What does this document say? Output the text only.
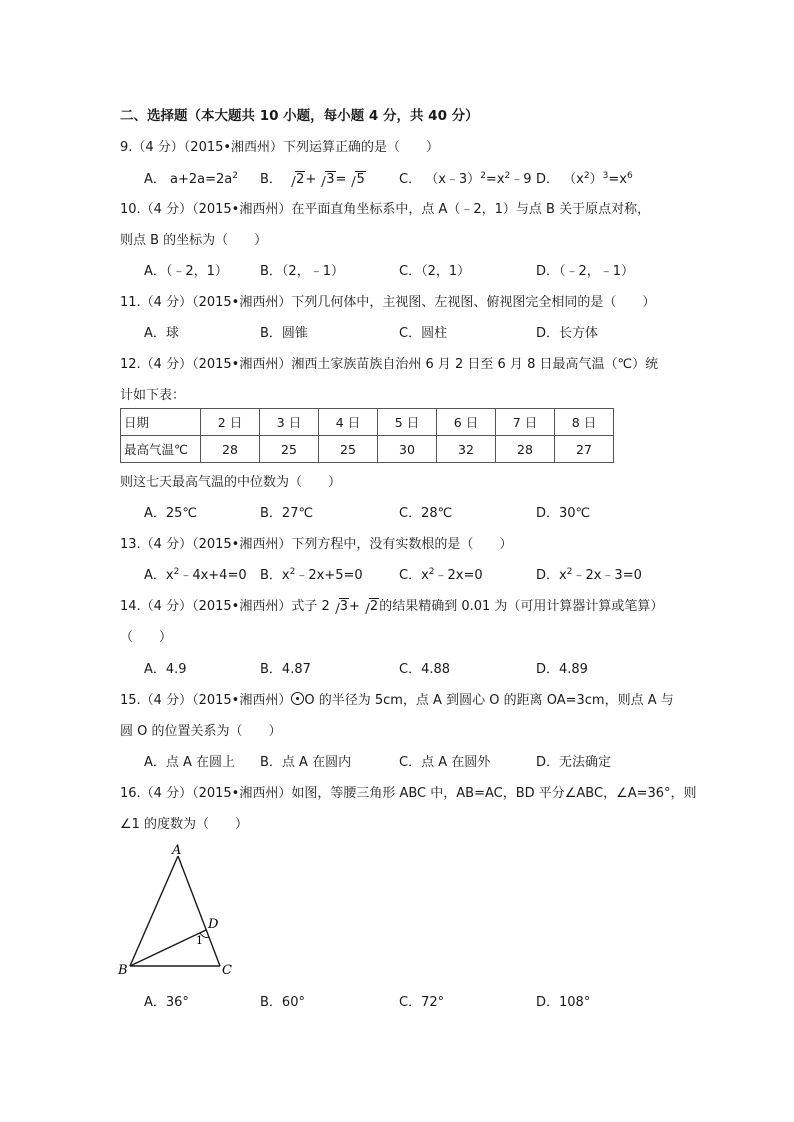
二、选择题（本大题共 10 小题，每小题 4 分，共 40 分）
9.（4 分）（2015•湘西州）下列运算正确的是（　　）
A． $a+2a=2a^2$ B． 2+ 3= 5	C． $(x﹣3)^2=x^2﹣9$ D． $(x^2)^3=x^6$
10.（4 分）（2015•湘西州）在平面直角坐标系中，点 A（﹣2，1）与点 B 关于原点对称，
则点 B 的坐标为（　　）
A．（﹣2，1） B．（2，﹣1）	C．（2，1）	D．（﹣2，﹣1）
11.（4 分）（2015•湘西州）下列几何体中，主视图、左视图、俯视图完全相同的是（　　）
A．球	B．圆锥	C．圆柱	D．长方体
12.（4 分）（2015•湘西州）湘西土家族苗族自治州 6 月 2 日至 6 月 8 日最高气温（℃）统
计如下表：
日期	2 日	3 日	4 日	5 日	6 日	7 日	8 日
最高气温℃	28	25	25	30	32	28	27
则这七天最高气温的中位数为（　　）
A．25℃	B．27℃	C．28℃	D．30℃
13.（4 分）（2015•湘西州）下列方程中，没有实数根的是（　　）
A．$x^2﹣4x+4=0$ B．$x^2﹣2x+5=0$	C．$x^2﹣2x=0$	D．$x^2﹣2x﹣3=0$
14.（4 分）（2015•湘西州）式子 2 3+ 2的结果精确到 0.01 为（可用计算器计算或笔算）
（　　）
A．4.9	B．4.87	C．4.88	D．4.89
15.（4 分）（2015•湘西州） O 的半径为 5cm，点 A 到圆心 O 的距离 OA=3cm，则点 A 与
圆 O 的位置关系为（　　）
A．点 A 在圆上 B．点 A 在圆内	C．点 A 在圆外	D．无法确定
16.（4 分）（2015•湘西州）如图，等腰三角形 ABC 中，AB=AC，BD 平分∠ABC，∠A=36°，则
∠1 的度数为（　　）
A
B	C
D
1
A．36°	B．60°	C．72°	D．108°
